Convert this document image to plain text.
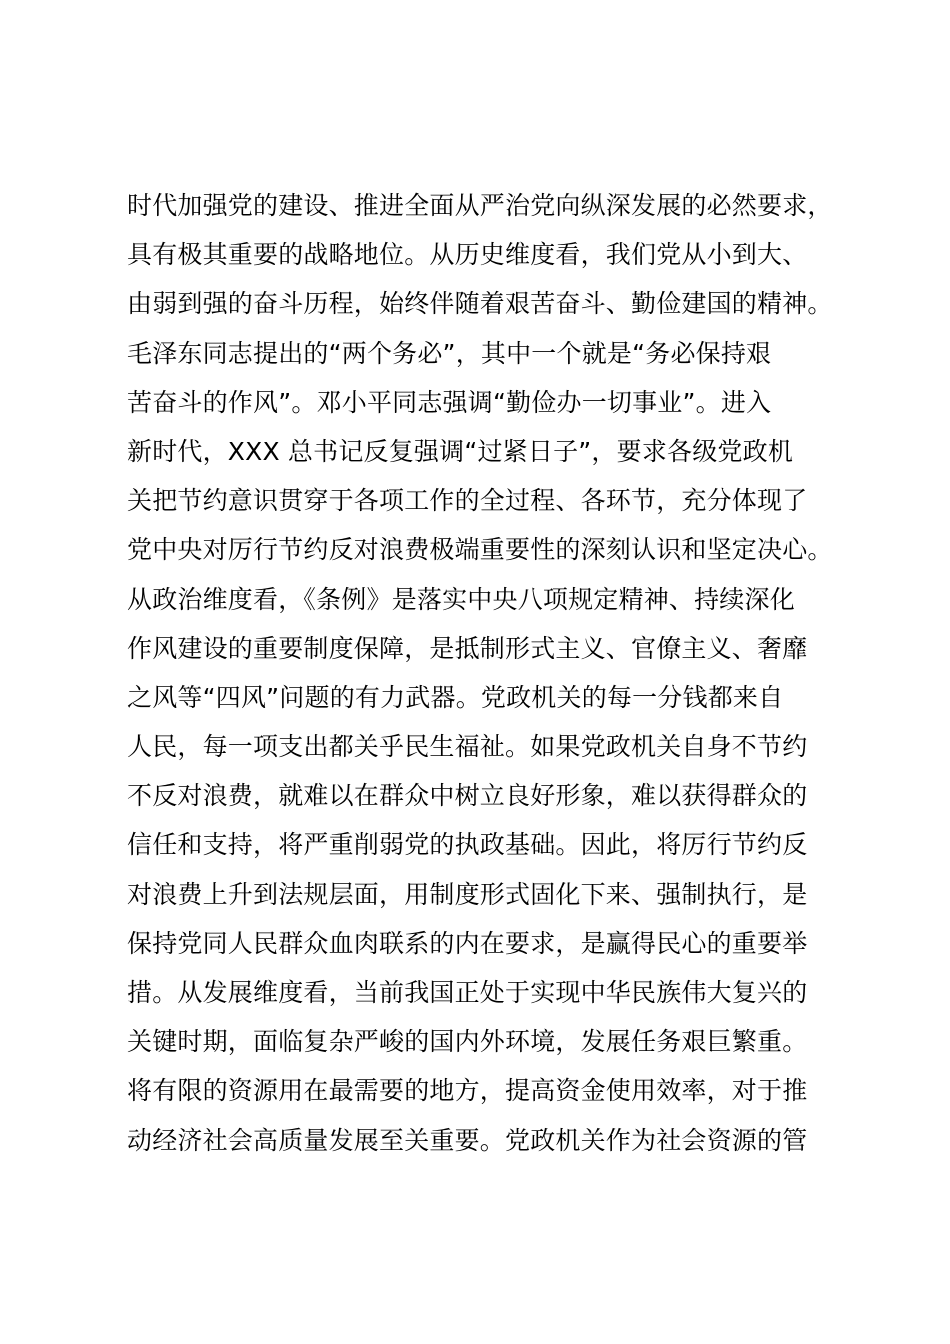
时代加强党的建设、推进全面从严治党向纵深发展的必然要求，
具有极其重要的战略地位。从历史维度看，我们党从小到大、
由弱到强的奋斗历程，始终伴随着艰苦奋斗、勤俭建国的精神。
毛泽东同志提出的“两个务必”，其中一个就是“务必保持艰
苦奋斗的作风”。邓小平同志强调“勤俭办一切事业”。进入
新时代，XXX 总书记反复强调“过紧日子”，要求各级党政机
关把节约意识贯穿于各项工作的全过程、各环节，充分体现了
党中央对厉行节约反对浪费极端重要性的深刻认识和坚定决心。
从政治维度看，《条例》是落实中央八项规定精神、持续深化
作风建设的重要制度保障，是抵制形式主义、官僚主义、奢靡
之风等“四风”问题的有力武器。党政机关的每一分钱都来自
人民，每一项支出都关乎民生福祉。如果党政机关自身不节约
不反对浪费，就难以在群众中树立良好形象，难以获得群众的
信任和支持，将严重削弱党的执政基础。因此，将厉行节约反
对浪费上升到法规层面，用制度形式固化下来、强制执行，是
保持党同人民群众血肉联系的内在要求，是赢得民心的重要举
措。从发展维度看，当前我国正处于实现中华民族伟大复兴的
关键时期，面临复杂严峻的国内外环境，发展任务艰巨繁重。
将有限的资源用在最需要的地方，提高资金使用效率，对于推
动经济社会高质量发展至关重要。党政机关作为社会资源的管
